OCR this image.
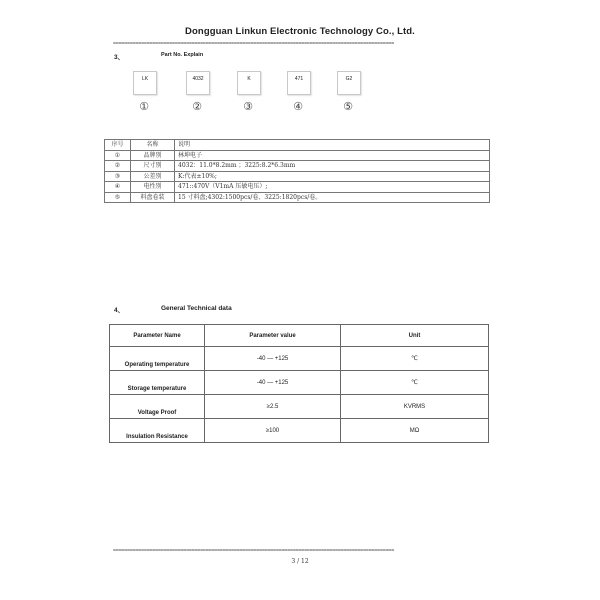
Dongguan Linkun Electronic Technology Co., Ltd.
====================================================================================================
3、	Part No. Explain
LK	4032	K	471	G2
①	②	③	④	⑤
序号	名称	说明
①	品牌别	林坤电子
②	尺寸别	4032：11.0*8.2mm ；3225:8.2*6.3mm
③	公差别	K:代表±10%;
④	电性别	471::470V（V1mA 压敏电压）;
⑤	料盘卷装	15 寸料盘;4302:1500pcs/卷、3225:1820pcs/卷。
4、	General Technical data
Parameter Name	Parameter value	Unit
Operating temperature	-40 — +125	℃
Storage temperature	-40 — +125	℃
Voltage Proof	≥2.5	KVRMS
Insulation Resistance	≥100	MΩ
====================================================================================================
3 / 12
